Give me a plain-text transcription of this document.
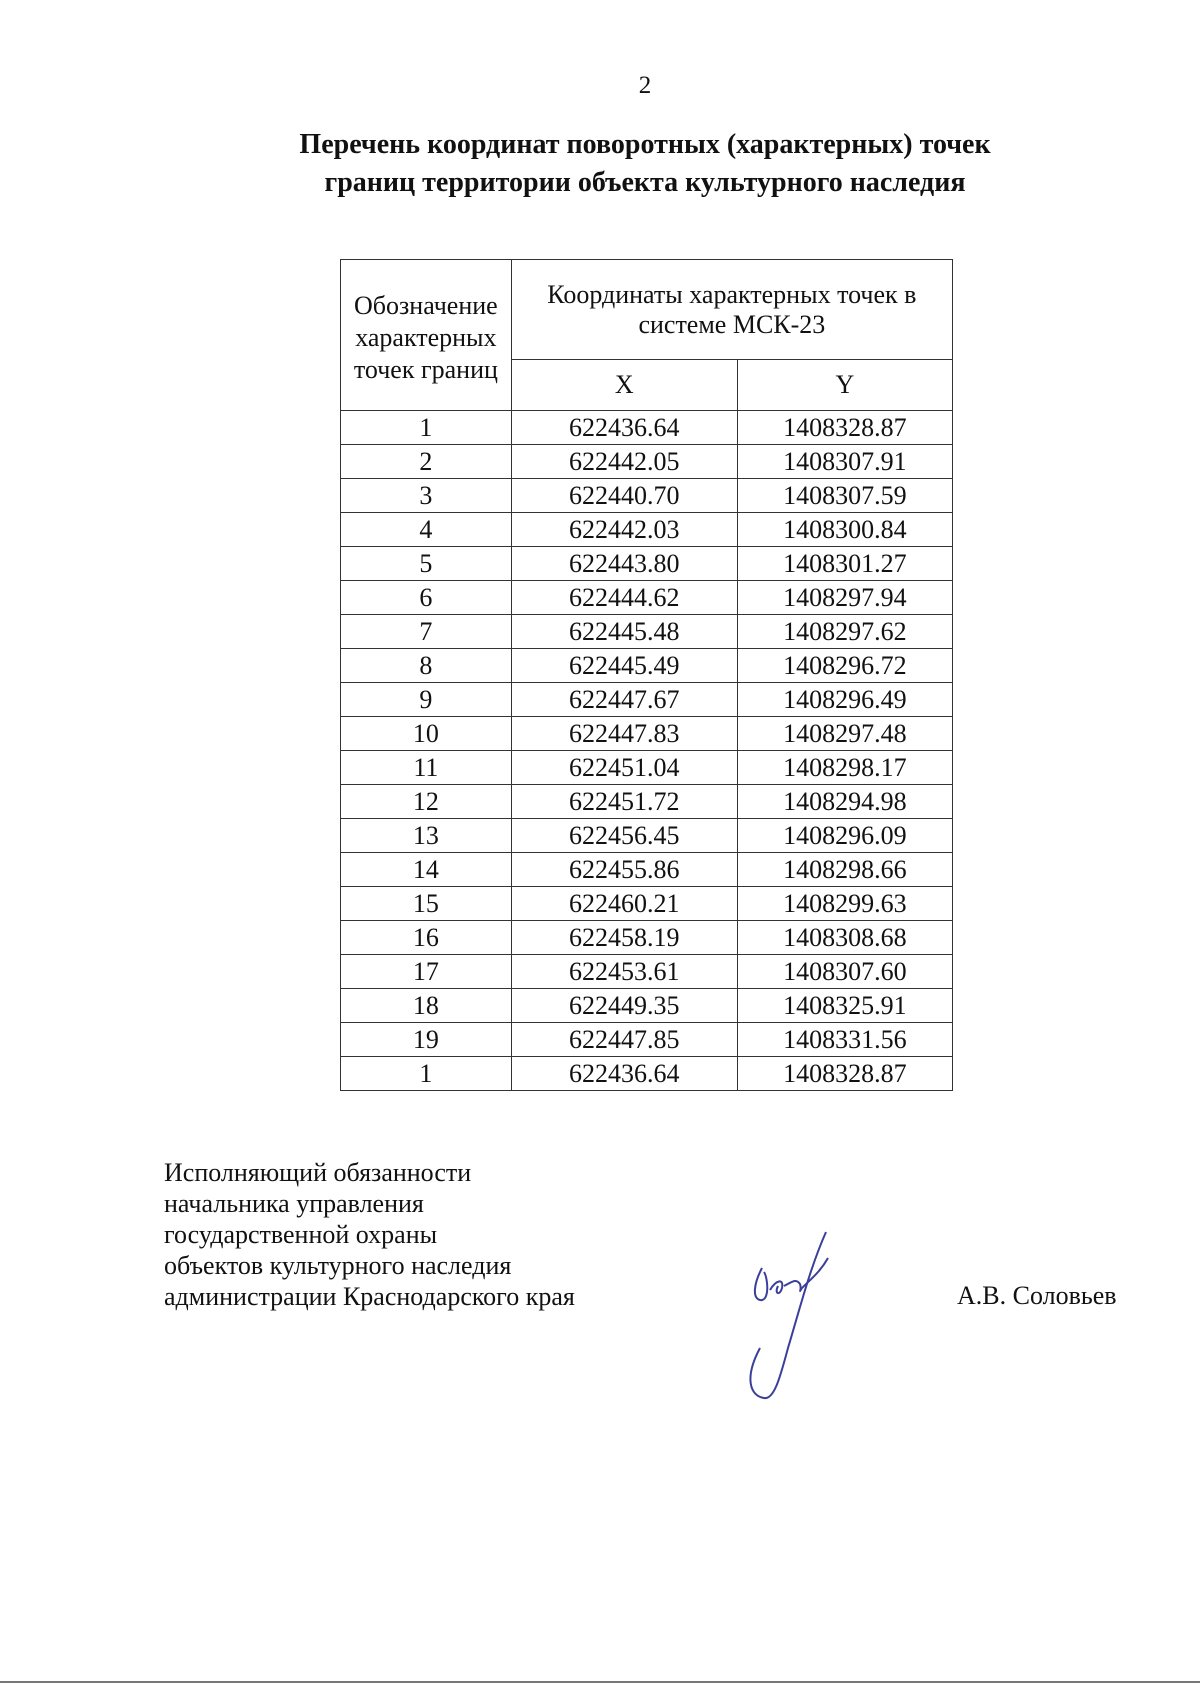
2
Перечень координат поворотных (характерных) точек
границ территории объекта культурного наследия
Обозначение
характерных
точек границ	Координаты характерных точек в
системе МСК-23	

	X	Y
1	622436.64	1408328.87
2	622442.05	1408307.91
3	622440.70	1408307.59
4	622442.03	1408300.84
5	622443.80	1408301.27
6	622444.62	1408297.94
7	622445.48	1408297.62
8	622445.49	1408296.72
9	622447.67	1408296.49
10	622447.83	1408297.48
11	622451.04	1408298.17
12	622451.72	1408294.98
13	622456.45	1408296.09
14	622455.86	1408298.66
15	622460.21	1408299.63
16	622458.19	1408308.68
17	622453.61	1408307.60
18	622449.35	1408325.91
19	622447.85	1408331.56
1	622436.64	1408328.87
Исполняющий обязанности
начальника управления
государственной охраны
объектов культурного наследия
администрации Краснодарского края	А.В. Соловьев
